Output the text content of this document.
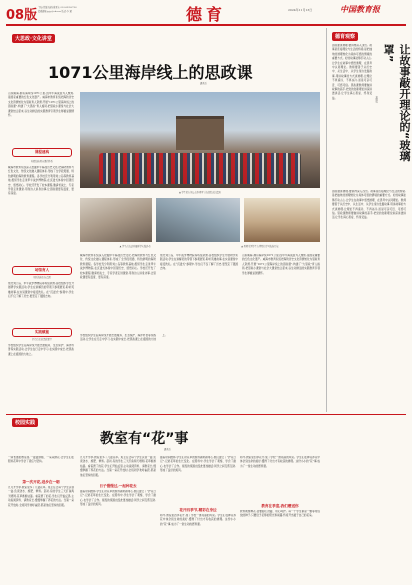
08版
主编:张强 编辑:殷亚东 010-82296700
投稿邮箱:jyjy@edu.cn 版式:李 斌	德育	2024年11月13日	中国教育报
大思政·文化讲堂
1071公里海岸线上的思政课
通讯员
山东威海,拥有海岸线1071公里,因甲午海战而为人熟知,是国家重要的红色文化遗产。威海市教育系统把海防历史文化资源转化为思政育人资源,开展“1071公里海岸线上的思政课”,构建了“大思政”育人格局,把思政小课堂与社会大课堂结合起来,以生动鲜活的实践教育引领学生厚植爱国情怀。
▲ 学生们在刘公岛参观甲午海战纪念馆遗址
课程建构
构建海防教育课程体系
威海市教育系统深入挖掘甲午海战历史文化,把海防教育与红色文化、传统文化融入课程体系,形成了全学段贯通、特色鲜明的海防教育课程。各学校充分利用刘公岛等教育基地,组织学生走进甲午战争博物院,在沉浸式体验中回望历史、感悟初心。学校还开发了校本课程,邀请老战士、专家学者走进课堂,用身边人讲身边事,让思政课更有温度、更有深度。
场馆育人
用活海防红色资源
依托刘公岛、甲午战争博物院等场馆资源,各校组织学生开展研学实践活动,学生在讲解员的带领下参观展览,聆听英雄故事,在实景课堂中接受洗礼。在“沉浸式”参观中,学生们不仅了解了历史,更坚定了强国志向。
▲ 学生在海边开展研学实践活动	▲ 教师带领学生在博物馆学习海防历史
威海市教育系统深入挖掘甲午海战历史文化,把海防教育与红色文化、传统文化融入课程体系,形成了全学段贯通、特色鲜明的海防教育课程。各学校充分利用刘公岛等教育基地,组织学生走进甲午战争博物院,在沉浸式体验中回望历史、感悟初心。学校还开发了校本课程,邀请老战士、专家学者走进课堂,用身边人讲身边事,让思政课更有温度、更有深度。
依托刘公岛、甲午战争博物院等场馆资源,各校组织学生开展研学实践活动,学生在讲解员的带领下参观展览,聆听英雄故事,在实景课堂中接受洗礼。在“沉浸式”参观中,学生们不仅了解了历史,更坚定了强国志向。
山东威海,拥有海岸线1071公里,因甲午海战而为人熟知,是国家重要的红色文化遗产。威海市教育系统把海防历史文化资源转化为思政育人资源,开展“1071公里海岸线上的思政课”,构建了“大思政”育人格局,把思政小课堂与社会大课堂结合起来,以生动鲜活的实践教育引领学生厚植爱国情怀。
实践赋能
打造行走的思政课堂
学校组织学生沿海岸线开展志愿服务、生态保护、海洋科普等实践活动,让学生在行走中学习,在实践中成长,把思政课上在祖国的大地上。
学校组织学生沿海岸线开展志愿服务、生态保护、海洋科普等实践活动,让学生在行走中学习,在实践中成长,把思政课上在祖国的大地上。
德育观察
思政课讲道理,要讲得深入浅出。故事是连接理论与生活的桥梁,是把抽象的道理转化为具体可感的情境的重要方式。好的故事能够打动人心,让学生在故事中感悟道理、在思考中认同理论。教师要善于从历史中、从生活中、从学生身边发掘故事,用讲故事的方式讲道理,让理论不再遥远、不再冰冷,而是可亲可近、可感可信。思政课教师要做讲故事的高手,把党的创新理论讲深讲透讲活,让学生真心喜爱、终身受益。	让故事敲开理论的“玻璃罩”
刘晓明
思政课讲道理,要讲得深入浅出。故事是连接理论与生活的桥梁,是把抽象的道理转化为具体可感的情境的重要方式。好的故事能够打动人心,让学生在故事中感悟道理、在思考中认同理论。教师要善于从历史中、从生活中、从学生身边发掘故事,用讲故事的方式讲道理,让理论不再遥远、不再冰冷,而是可亲可近、可感可信。思政课教师要做讲故事的高手,把党的创新理论讲深讲透讲活,让学生真心喜爱、终身受益。
校园实践
教室有“花”事
通讯员
一间普通的教室里,一盆盆绿植、一朵朵鲜花,让学生们在照料花草中学会了责任与坚持。
第一次开花,进步在一朝
九月开学季,教室里多了几盆花草。班主任让每个学生认领一盆,负责浇水、施肥、修剪。起初,有的学生三天打鱼两天晒网,花草渐渐枯萎。看着蔫了的花,学生们开始反思,主动查阅资料、请教家长,慢慢掌握了养花的方法。当第一朵花开放时,全班同学欢呼雀跃,那是他们坚持的回报。
九月开学季,教室里多了几盆花草。班主任让每个学生认领一盆,负责浇水、施肥、修剪。起初,有的学生三天打鱼两天晒网,花草渐渐枯萎。看着蔫了的花,学生们开始反思,主动查阅资料、请教家长,慢慢掌握了养花的方法。当第一朵花开放时,全班同学欢呼雀跃,那是他们坚持的回报。
日子慢慢过,一起种花去
随着时间推移,学生们对花草的照料越来越用心,他们建立了“护花日记”,记录花草的生长变化。在照料中,学生学会了观察、学会了耐心,也学会了合作。班级的氛围也因此更加融洽,同学之间互帮互助,形成了良好的班风。
随着时间推移,学生们对花草的照料越来越用心,他们建立了“护花日记”,记录花草的生长变化。在照料中,学生学会了观察、学会了耐心,也学会了合作。班级的氛围也因此更加融洽,同学之间互帮互助,形成了良好的班风。
花开四季节,精彩在身边
如今,教室里四季花开,成了学校一道亮丽的风景。学生们在种花养花中体会到生命的美好,懂得了付出才有收获的道理。这份小小的“花”事,成为了一堂生动的德育课。
如今,教室里四季花开,成了学校一道亮丽的风景。学生们在种花养花中体会到生命的美好,懂得了付出才有收获的道理。这份小小的“花”事,成为了一堂生动的德育课。
教育在季度,我们赠送你
教育就像种花,需要耐心浇灌、用心呵护。每一个学生都是一颗等待绽放的种子,只要给予足够的阳光和雨露,终将开出属于自己的花朵。
